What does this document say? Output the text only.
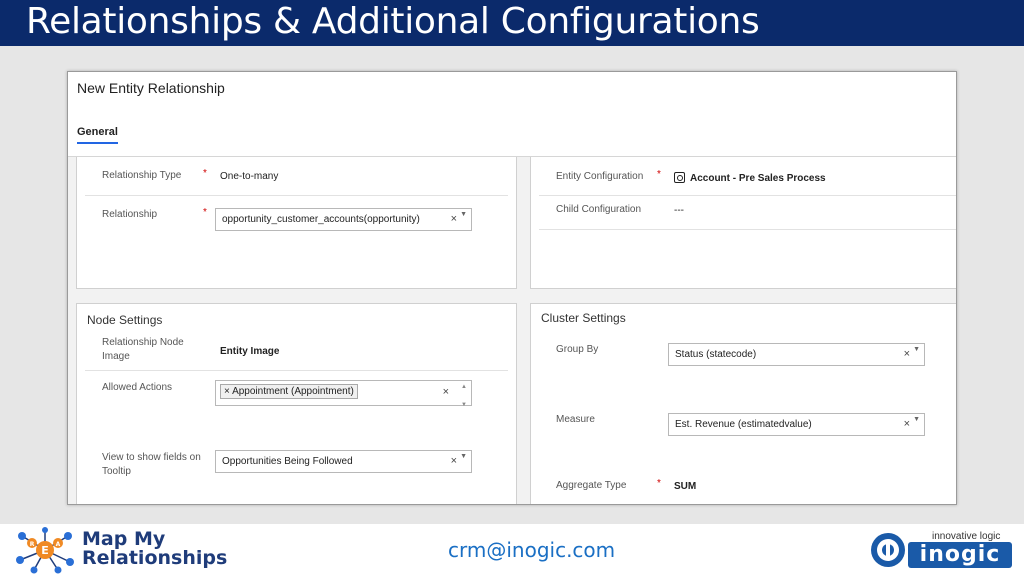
Relationships & Additional Configurations
New Entity Relationship
General
Relationship Type * One-to-many
Relationship	*
opportunity_customer_accounts(opportunity)	× ▼
Entity Configuration *	Account - Pre Sales Process
Child Configuration	---
Node Settings
Relationship Node Image	Entity Image
Allowed Actions	× Appointment (Appointment)	× ▲

▼
View to show fields on Tooltip
Opportunities Being Followed	× ▼
Cluster Settings
Group By	Status (statecode)	× ▼
Measure	Est. Revenue (estimatedvalue)	× ▼
Aggregate Type	* SUM
E
R	A Map My
Relationships	crm@inogic.com
innovative logic
inogic
